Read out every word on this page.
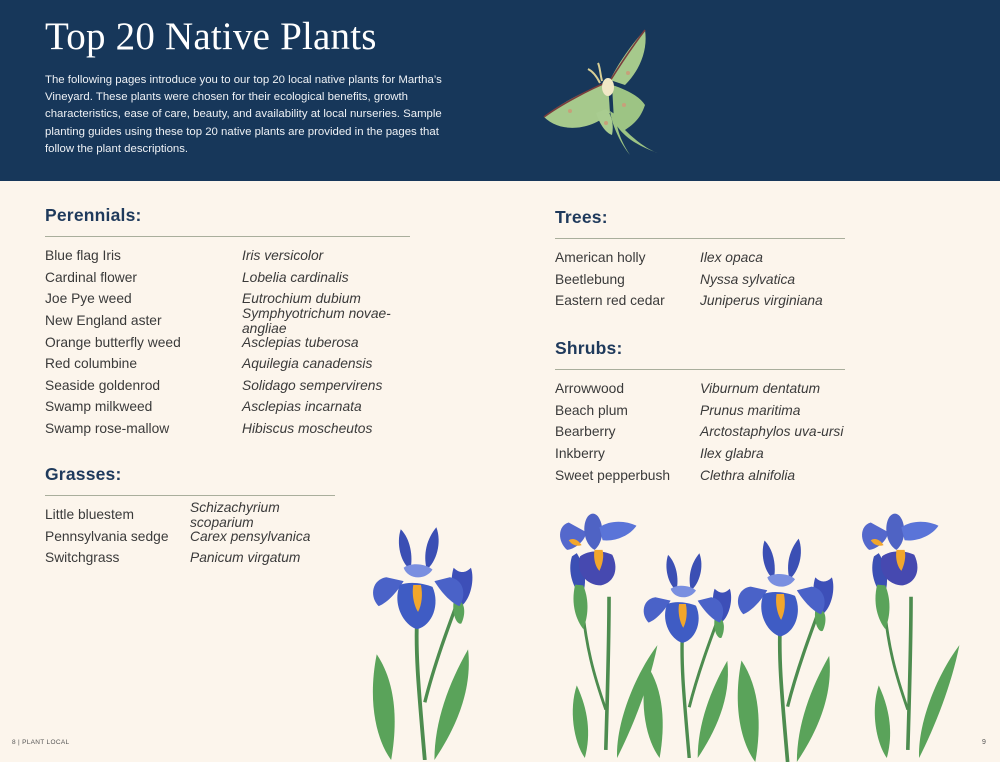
Top 20 Native Plants

The following pages introduce you to our top 20 local native plants for Martha’s Vineyard. These plants were chosen for their ecological benefits, growth characteristics, ease of care, beauty, and availability at local nurseries. Sample planting guides using these top 20 native plants are provided in the pages that follow the plant descriptions.

Perennials:
Blue flag Iris	Iris versicolor
Cardinal flower	Lobelia cardinalis
Joe Pye weed	Eutrochium dubium
New England aster	Symphyotrichum novae-angliae
Orange butterfly weed	Asclepias tuberosa
Red columbine	Aquilegia canadensis
Seaside goldenrod	Solidago sempervirens
Swamp milkweed	Asclepias incarnata
Swamp rose-mallow	Hibiscus moscheutos
Grasses:
Little bluestem	Schizachyrium scoparium
Pennsylvania sedge	Carex pensylvanica
Switchgrass	Panicum virgatum
Trees:
American holly	Ilex opaca
Beetlebung	Nyssa sylvatica
Eastern red cedar	Juniperus virginiana
Shrubs:
Arrowwood	Viburnum dentatum
Beach plum	Prunus maritima
Bearberry	Arctostaphylos uva-ursi
Inkberry	Ilex glabra
Sweet pepperbush	Clethra alnifolia
8 | PLANT LOCAL	9
